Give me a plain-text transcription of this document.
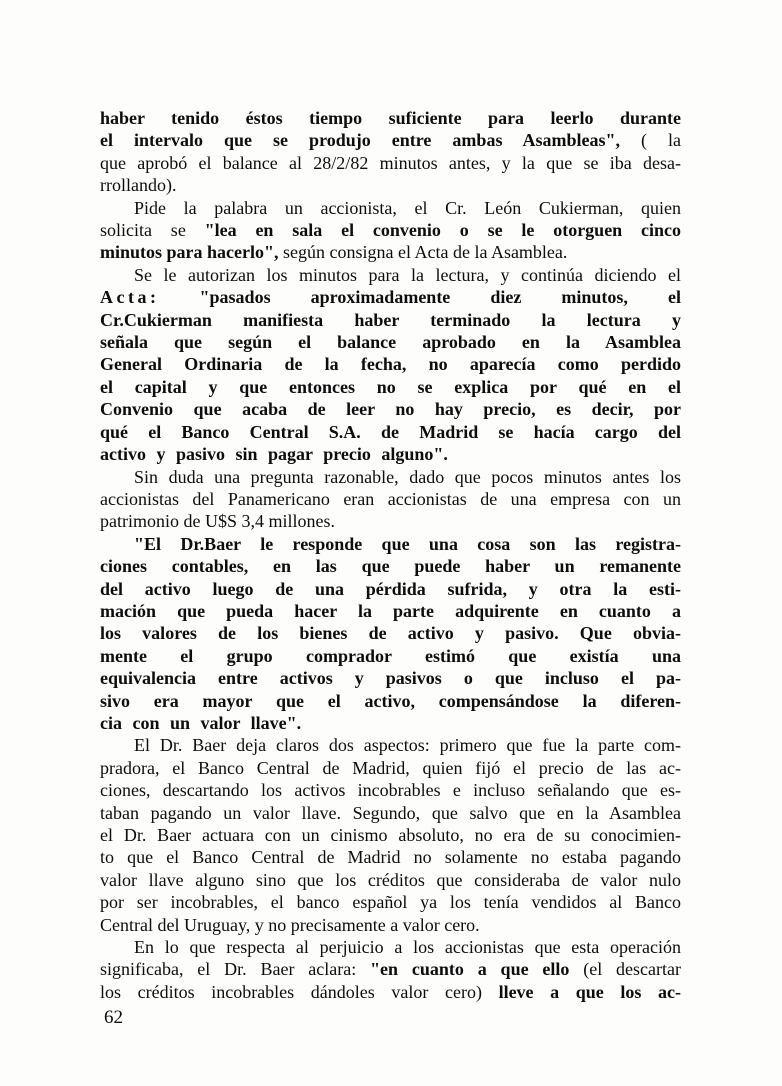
haber tenido éstos tiempo suficiente para leerlo durante
el intervalo que se produjo entre ambas Asambleas", ( la
que aprobó el balance al 28/2/82 minutos antes, y la que se iba desa-
rrollando).
Pide la palabra un accionista, el Cr. León Cukierman, quien
solicita se "lea en sala el convenio o se le otorguen cinco
minutos para hacerlo", según consigna el Acta de la Asamblea.
Se le autorizan los minutos para la lectura, y continúa diciendo el
Acta: "pasados aproximadamente diez minutos, el
Cr.Cukierman manifiesta haber terminado la lectura y
señala que según el balance aprobado en la Asamblea
General Ordinaria de la fecha, no aparecía como perdido
el capital y que entonces no se explica por qué en el
Convenio que acaba de leer no hay precio, es decir, por
qué el Banco Central S.A. de Madrid se hacía cargo del
activo y pasivo sin pagar precio alguno".
Sin duda una pregunta razonable, dado que pocos minutos antes los
accionistas del Panamericano eran accionistas de una empresa con un
patrimonio de U$S 3,4 millones.
"El Dr.Baer le responde que una cosa son las registra-
ciones contables, en las que puede haber un remanente
del activo luego de una pérdida sufrida, y otra la esti-
mación que pueda hacer la parte adquirente en cuanto a
los valores de los bienes de activo y pasivo. Que obvia-
mente el grupo comprador estimó que existía una
equivalencia entre activos y pasivos o que incluso el pa-
sivo era mayor que el activo, compensándose la diferen-
cia con un valor llave".
El Dr. Baer deja claros dos aspectos: primero que fue la parte com-
pradora, el Banco Central de Madrid, quien fijó el precio de las ac-
ciones, descartando los activos incobrables e incluso señalando que es-
taban pagando un valor llave. Segundo, que salvo que en la Asamblea
el Dr. Baer actuara con un cinismo absoluto, no era de su conocimien-
to que el Banco Central de Madrid no solamente no estaba pagando
valor llave alguno sino que los créditos que consideraba de valor nulo
por ser incobrables, el banco español ya los tenía vendidos al Banco
Central del Uruguay, y no precisamente a valor cero.
En lo que respecta al perjuicio a los accionistas que esta operación
significaba, el Dr. Baer aclara: "en cuanto a que ello (el descartar
los créditos incobrables dándoles valor cero) lleve a que los ac-
62
